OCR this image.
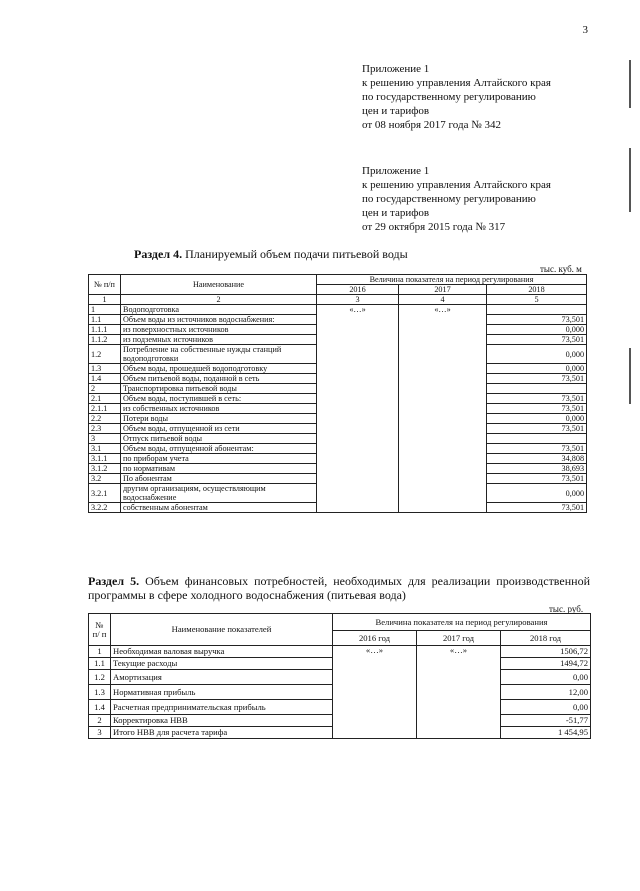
3
Приложение 1
к решению управления Алтайского края
по государственному регулированию
цен и тарифов
от 08 ноября 2017 года № 342
Приложение 1
к решению управления Алтайского края
по государственному регулированию
цен и тарифов
от 29 октября 2015 года № 317
Раздел 4. Планируемый объем подачи питьевой воды
тыс. куб. м
№ п/п	Наименование	Величина показателя на период регулирования		
		2016	2017	2018
1	2	3	4	5
1	Водоподготовка	«…»	«…»	
1.1	Объем воды из источников водоснабжения:			73,501
1.1.1	из поверхностных источников			0,000
1.1.2	из подземных источников			73,501
1.2	Потребление на собственные нужды станций водоподготовки			0,000
1.3	Объем воды, прошедшей водоподготовку			0,000
1.4	Объем питьевой воды, поданной в сеть			73,501
2	Транспортировка питьевой воды			
2.1	Объем воды, поступившей в сеть:			73,501
2.1.1	из собственных источников			73,501
2.2	Потери воды			0,000
2.3	Объем воды, отпущенной из сети			73,501
3	Отпуск питьевой воды			
3.1	Объем воды, отпущенной абонентам:			73,501
3.1.1	по приборам учета			34,808
3.1.2	по нормативам			38,693
3.2	По абонентам			73,501
3.2.1	другим организациям, осуществляющим водоснабжение			0,000
3.2.2	собственным абонентам			73,501
Раздел 5. Объем финансовых потребностей, необходимых для реализации производственной программы в сфере холодного водоснабжения (питьевая вода)
тыс. руб.
№ п/ п	Наименование показателей	Величина показателя на период регулирования		
		2016 год	2017 год	2018 год
1	Необходимая валовая выручка	«…»	«…»	1506,72
1.1	Текущие расходы			1494,72
1.2	Амортизация			0,00
1.3	Нормативная прибыль			12,00
1.4	Расчетная предпринимательская прибыль			0,00
2	Корректировка НВВ			-51,77
3	Итого НВВ для расчета тарифа			1 454,95
